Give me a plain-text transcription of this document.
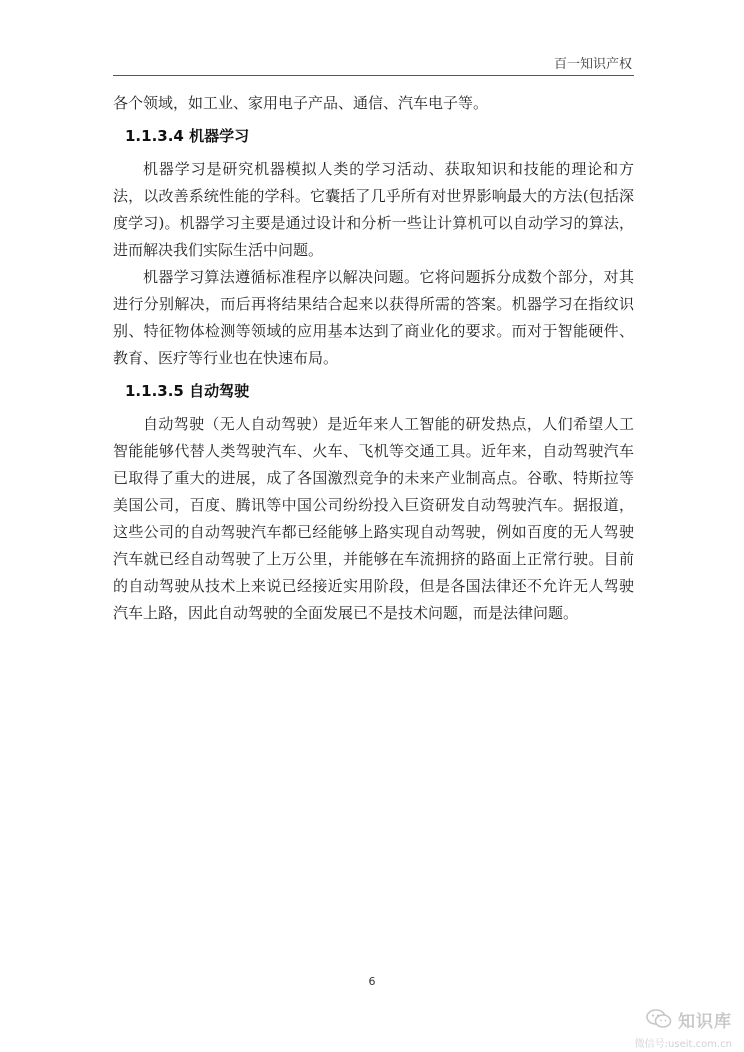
百一知识产权

各个领域，如工业、家用电子产品、通信、汽车电子等。

1.1.3.4 机器学习

机器学习是研究机器模拟人类的学习活动、获取知识和技能的理论和方法，以改善系统性能的学科。它囊括了几乎所有对世界影响最大的方法(包括深度学习)。机器学习主要是通过设计和分析一些让计算机可以自动学习的算法，进而解决我们实际生活中问题。

机器学习算法遵循标准程序以解决问题。它将问题拆分成数个部分，对其进行分别解决，而后再将结果结合起来以获得所需的答案。机器学习在指纹识别、特征物体检测等领域的应用基本达到了商业化的要求。而对于智能硬件、教育、医疗等行业也在快速布局。

1.1.3.5 自动驾驶

自动驾驶（无人自动驾驶）是近年来人工智能的研发热点，人们希望人工智能能够代替人类驾驶汽车、火车、飞机等交通工具。近年来，自动驾驶汽车已取得了重大的进展，成了各国激烈竞争的未来产业制高点。谷歌、特斯拉等美国公司，百度、腾讯等中国公司纷纷投入巨资研发自动驾驶汽车。据报道，这些公司的自动驾驶汽车都已经能够上路实现自动驾驶，例如百度的无人驾驶汽车就已经自动驾驶了上万公里，并能够在车流拥挤的路面上正常行驶。目前的自动驾驶从技术上来说已经接近实用阶段，但是各国法律还不允许无人驾驶汽车上路，因此自动驾驶的全面发展已不是技术问题，而是法律问题。

6
知识库
微信号:useit.com.cn
